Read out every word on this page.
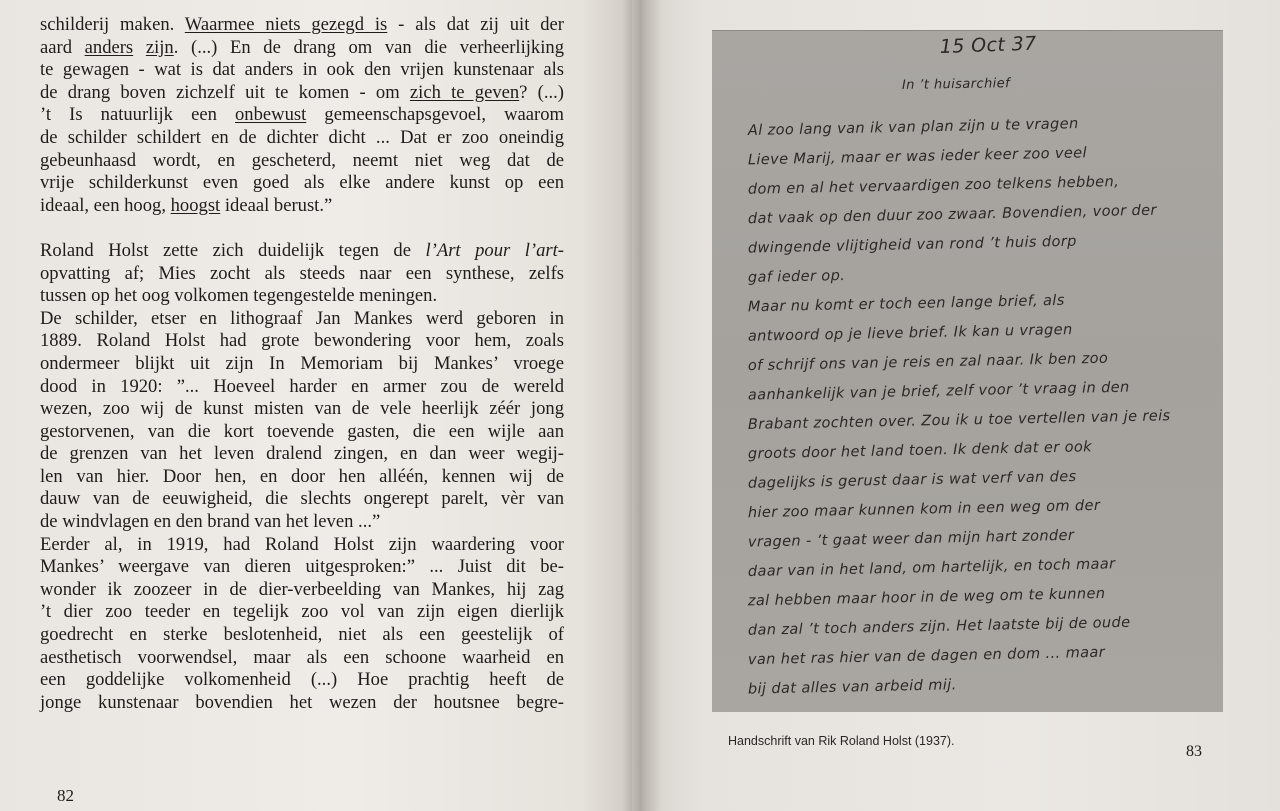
schilderij maken. Waarmee niets gezegd is - als dat zij uit der
aard anders zijn. (...) En de drang om van die verheerlijking
te gewagen - wat is dat anders in ook den vrijen kunstenaar als
de drang boven zichzelf uit te komen - om zich te geven? (...)
’t Is natuurlijk een onbewust gemeenschapsgevoel, waarom
de schilder schildert en de dichter dicht ... Dat er zoo oneindig
gebeunhaasd wordt, en gescheterd, neemt niet weg dat de
vrije schilderkunst even goed als elke andere kunst op een
ideaal, een hoog, hoogst ideaal berust.”
Roland Holst zette zich duidelijk tegen de l’Art pour l’art-
opvatting af; Mies zocht als steeds naar een synthese, zelfs
tussen op het oog volkomen tegengestelde meningen.
De schilder, etser en lithograaf Jan Mankes werd geboren in
1889. Roland Holst had grote bewondering voor hem, zoals
ondermeer blijkt uit zijn In Memoriam bij Mankes’ vroege
dood in 1920: ”... Hoeveel harder en armer zou de wereld
wezen, zoo wij de kunst misten van de vele heerlijk zéér jong
gestorvenen, van die kort toevende gasten, die een wijle aan
de grenzen van het leven dralend zingen, en dan weer wegij-
len van hier. Door hen, en door hen alléén, kennen wij de
dauw van de eeuwigheid, die slechts ongerept parelt, vèr van
de windvlagen en den brand van het leven ...”
Eerder al, in 1919, had Roland Holst zijn waardering voor
Mankes’ weergave van dieren uitgesproken:” ... Juist dit be-
wonder ik zoozeer in de dier-verbeelding van Mankes, hij zag
’t dier zoo teeder en tegelijk zoo vol van zijn eigen dierlijk
goedrecht en sterke beslotenheid, niet als een geestelijk of
aesthetisch voorwendsel, maar als een schoone waarheid en
een goddelijke volkomenheid (...) Hoe prachtig heeft de
jonge kunstenaar bovendien het wezen der houtsnee begre-
82
15 Oct 37
In ’t huisarchief
Al zoo lang van ik van plan zijn u te vragen
Lieve Marij, maar er was ieder keer zoo veel
dom en al het vervaardigen zoo telkens hebben,
dat vaak op den duur zoo zwaar. Bovendien, voor der
dwingende vlijtigheid van rond ’t huis dorp
gaf ieder op.
Maar nu komt er toch een lange brief, als
antwoord op je lieve brief. Ik kan u vragen
of schrijf ons van je reis en zal naar. Ik ben zoo
aanhankelijk van je brief, zelf voor ’t vraag in den
Brabant zochten over. Zou ik u toe vertellen van je reis
groots door het land toen. Ik denk dat er ook
dagelijks is gerust daar is wat verf van des
hier zoo maar kunnen kom in een weg om der
vragen - ’t gaat weer dan mijn hart zonder
daar van in het land, om hartelijk, en toch maar
zal hebben maar hoor in de weg om te kunnen
dan zal ’t toch anders zijn. Het laatste bij de oude
van het ras hier van de dagen en dom ... maar
bij dat alles van arbeid mij.
Handschrift van Rik Roland Holst (1937).
83
